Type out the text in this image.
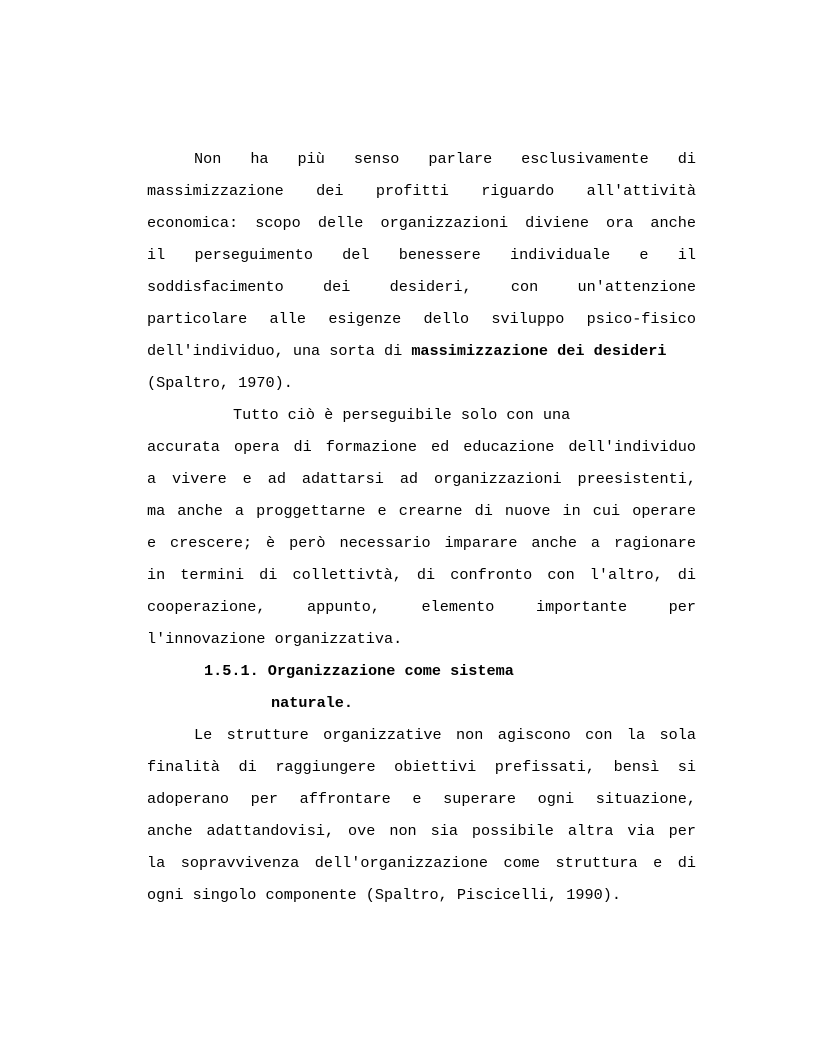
Non ha più senso parlare esclusivamente di
massimizzazione dei profitti riguardo all'attività
economica: scopo delle organizzazioni diviene ora anche
il perseguimento del benessere individuale e il
soddisfacimento dei desideri, con un'attenzione
particolare alle esigenze dello sviluppo psico-fisico
dell'individuo, una sorta di massimizzazione dei desideri
(Spaltro, 1970).
Tutto ciò è perseguibile solo con una
accurata opera di formazione ed educazione dell'individuo
a vivere e ad adattarsi ad organizzazioni preesistenti,
ma anche a proggettarne e crearne di nuove in cui operare
e crescere; è però necessario imparare anche a ragionare
in termini di collettivtà, di confronto con l'altro, di
cooperazione, appunto, elemento importante per
l'innovazione organizzativa.
1.5.1. Organizzazione come sistema
naturale.
Le strutture organizzative non agiscono con la sola
finalità di raggiungere obiettivi prefissati, bensì si
adoperano per affrontare e superare ogni situazione,
anche adattandovisi, ove non sia possibile altra via per
la sopravvivenza dell'organizzazione come struttura e di
ogni singolo componente (Spaltro, Piscicelli, 1990).
